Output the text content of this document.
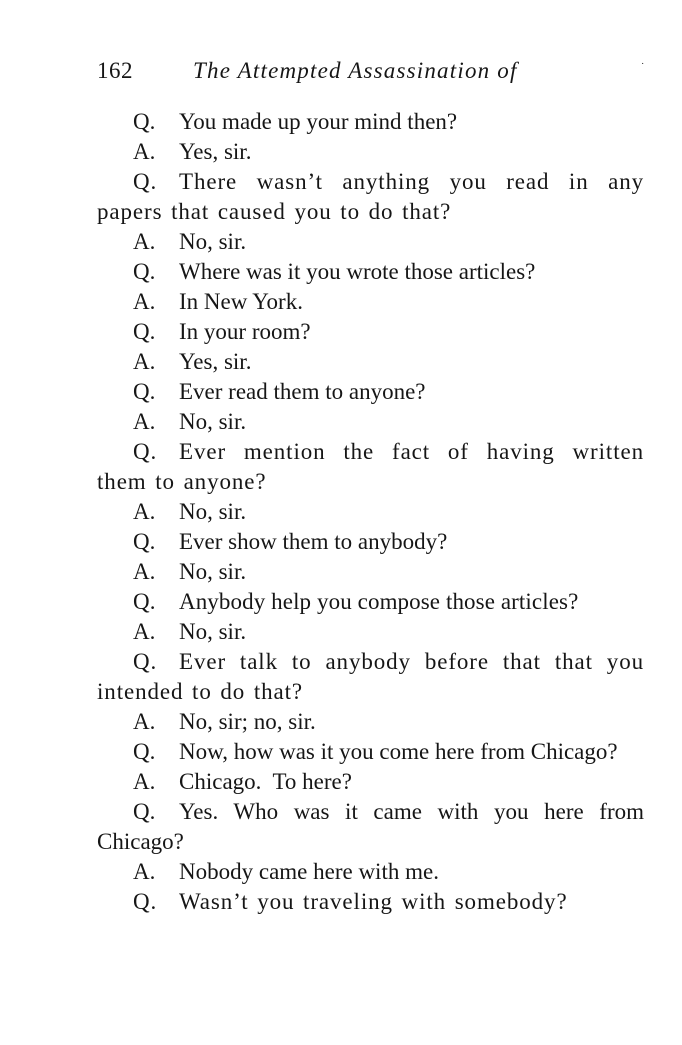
162	The Attempted Assassination of	˙

Q. You made up your mind then?

A. Yes, sir.

Q. There wasn’t anything you read in any papers that caused you to do that?

A. No, sir.

Q. Where was it you wrote those articles?

A. In New York.

Q. In your room?

A. Yes, sir.

Q. Ever read them to anyone?

A. No, sir.

Q. Ever mention the fact of having written them to anyone?

A. No, sir.

Q. Ever show them to anybody?

A. No, sir.

Q. Anybody help you compose those articles?

A. No, sir.

Q. Ever talk to anybody before that that you intended to do that?

A. No, sir; no, sir.

Q. Now, how was it you come here from Chicago?

A. Chicago.  To here?

Q. Yes. Who was it came with you here from Chicago?

A. Nobody came here with me.

Q. Wasn’t you traveling with somebody?
